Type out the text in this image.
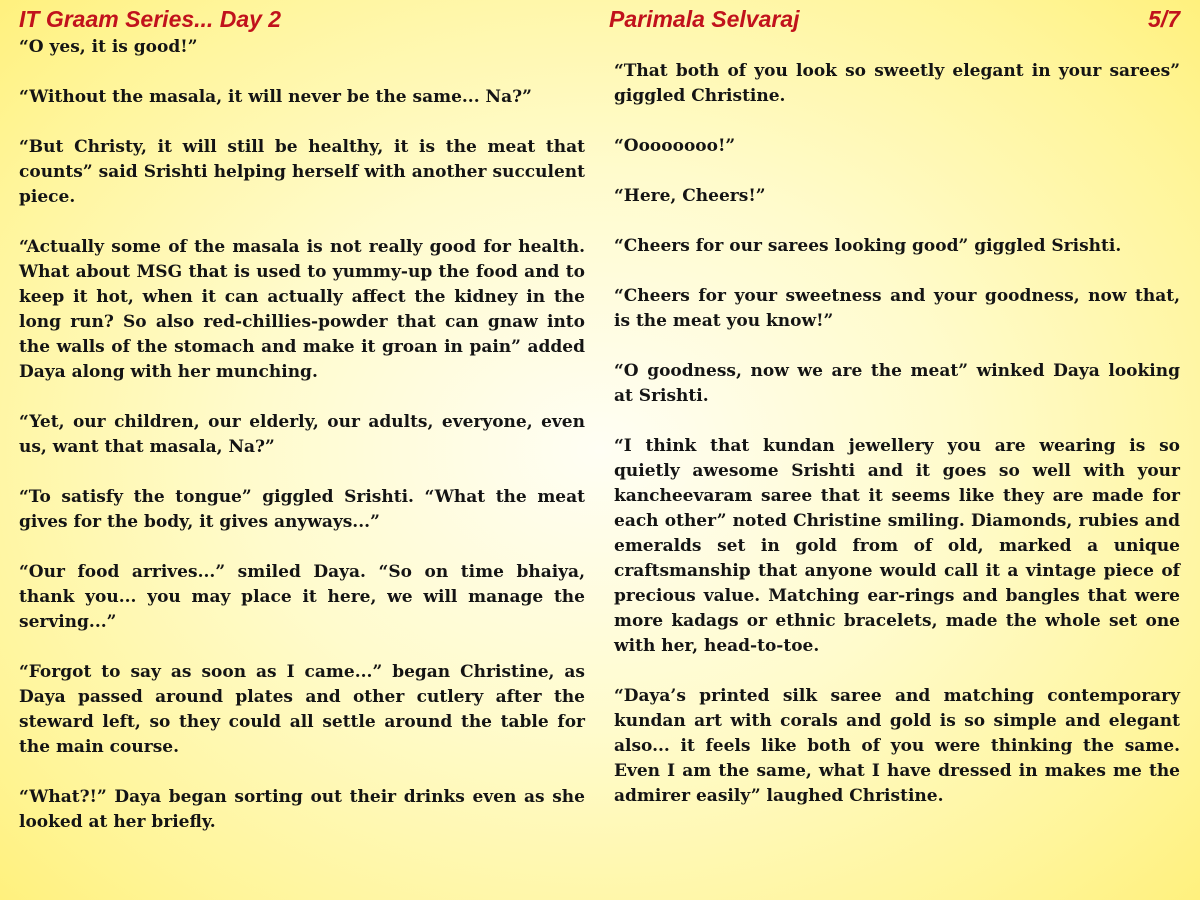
IT Graam Series... Day 2	Parimala Selvaraj	5/7

“O yes, it is good!”

“Without the masala, it will never be the same... Na?”

“But Christy, it will still be healthy, it is the meat that counts” said Srishti helping herself with another succulent piece.

“Actually some of the masala is not really good for health. What about MSG that is used to yummy-up the food and to keep it hot, when it can actually affect the kidney in the long run? So also red-chillies-powder that can gnaw into the walls of the stomach and make it groan in pain” added Daya along with her munching.

“Yet, our children, our elderly, our adults, everyone, even us, want that masala, Na?”

“To satisfy the tongue” giggled Srishti. “What the meat gives for the body, it gives anyways...”

“Our food arrives...” smiled Daya. “So on time bhaiya, thank you... you may place it here, we will manage the serving...”

“Forgot to say as soon as I came...” began Christine, as Daya passed around plates and other cutlery after the steward left, so they could all settle around the table for the main course.

“What?!” Daya began sorting out their drinks even as she looked at her briefly.

“That both of you look so sweetly elegant in your sarees” giggled Christine.

“Oooooooo!”

“Here, Cheers!”

“Cheers for our sarees looking good” giggled Srishti.

“Cheers for your sweetness and your goodness, now that, is the meat you know!”

“O goodness, now we are the meat” winked Daya looking at Srishti.

“I think that kundan jewellery you are wearing is so quietly awesome Srishti and it goes so well with your kancheevaram saree that it seems like they are made for each other” noted Christine smiling. Diamonds, rubies and emeralds set in gold from of old, marked a unique craftsmanship that anyone would call it a vintage piece of precious value. Matching ear-rings and bangles that were more kadags or ethnic bracelets, made the whole set one with her, head-to-toe.

“Daya’s printed silk saree and matching contemporary kundan art with corals and gold is so simple and elegant also... it feels like both of you were thinking the same. Even I am the same, what I have dressed in makes me the admirer easily” laughed Christine.
